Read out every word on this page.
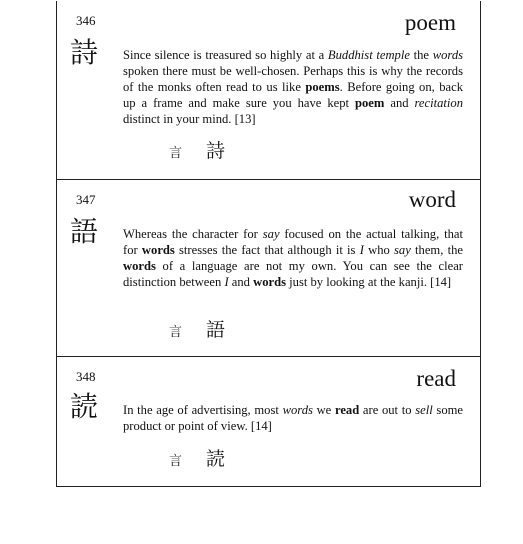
346
詩
poem

Since silence is treasured so highly at a Buddhist temple the words spoken there must be well-chosen. Perhaps this is why the records of the monks often read to us like poems. Before going on, back up a frame and make sure you have kept poem and recitation distinct in your mind. [13]

言 詩
347
語
word

Whereas the character for say focused on the actual talking, that for words stresses the fact that although it is I who say them, the words of a language are not my own. You can see the clear distinction between I and words just by looking at the kanji. [14]

言 語
348
読
read

In the age of advertising, most words we read are out to sell some product or point of view. [14]

言 読
